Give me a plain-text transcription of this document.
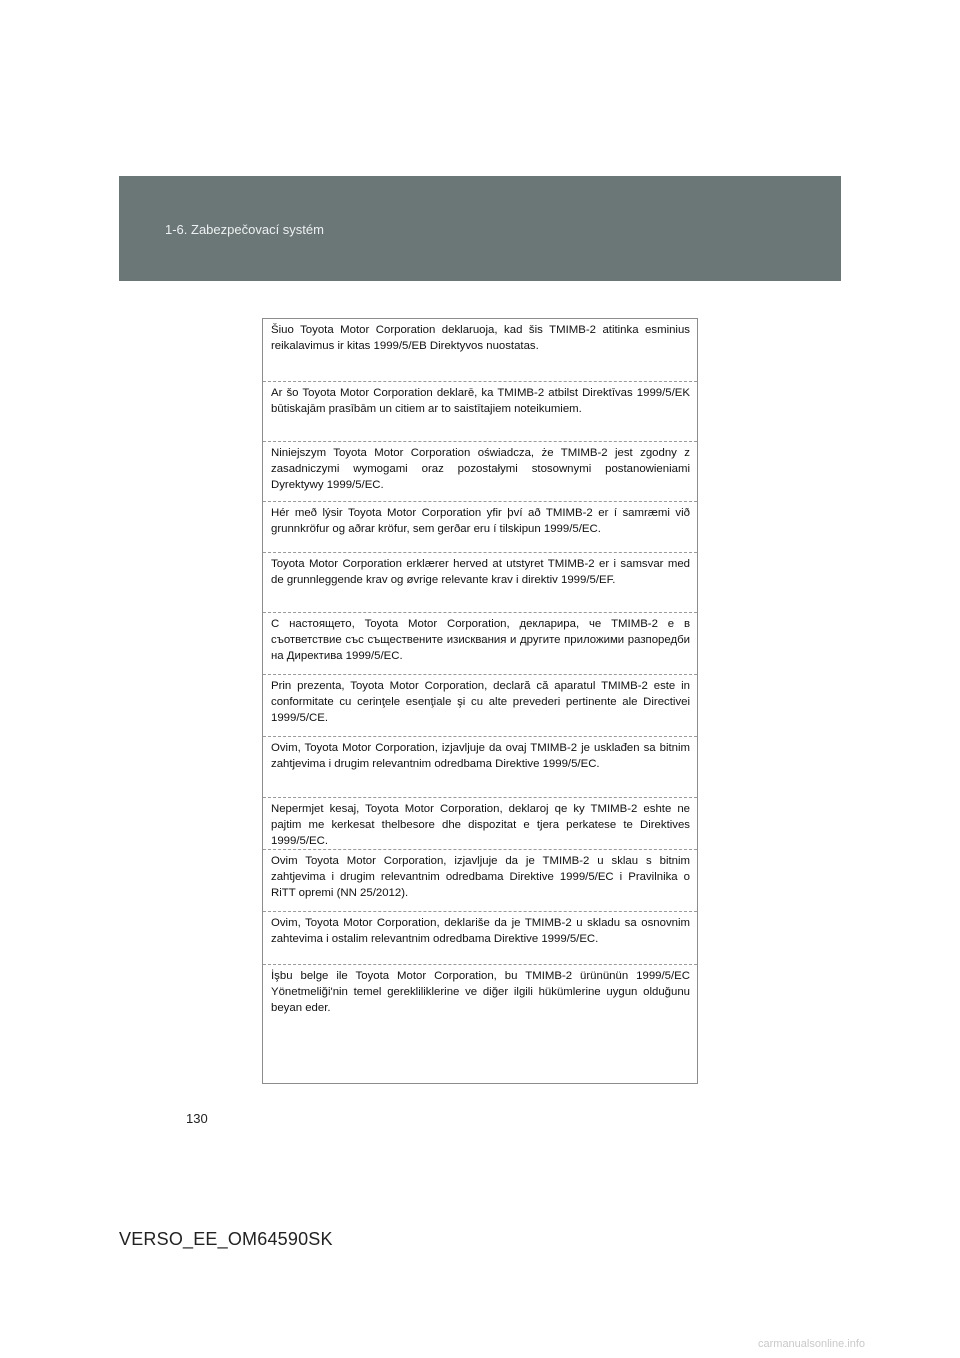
1-6. Zabezpečovací systém

Šiuo Toyota Motor Corporation deklaruoja, kad šis TMIMB-2 atitinka esminius reikalavimus ir kitas 1999/5/EB Direktyvos nuostatas.

Ar šo Toyota Motor Corporation deklarē, ka TMIMB-2 atbilst Direktīvas 1999/5/EK būtiskajām prasībām un citiem ar to saistītajiem noteikumiem.

Niniejszym Toyota Motor Corporation oświadcza, że TMIMB-2 jest zgodny z zasadniczymi wymogami oraz pozostałymi stosownymi postanowieniami Dyrektywy 1999/5/EC.

Hér með lýsir Toyota Motor Corporation yfir því að TMIMB-2 er í samræmi við grunnkröfur og aðrar kröfur, sem gerðar eru í tilskipun 1999/5/EC.

Toyota Motor Corporation erklærer herved at utstyret TMIMB-2 er i samsvar med de grunnleggende krav og øvrige relevante krav i direktiv 1999/5/EF.

С настоящето, Toyota Motor Corporation, декларира, че TMIMB-2 е в съответствие със съществените изисквания и другите приложими разпоредби на Директива 1999/5/EC.

Prin prezenta, Toyota Motor Corporation, declară că aparatul TMIMB-2 este in conformitate cu cerinţele esenţiale şi cu alte prevederi pertinente ale Directivei 1999/5/CE.

Ovim, Toyota Motor Corporation, izjavljuje da ovaj TMIMB-2 je usklađen sa bitnim zahtjevima i drugim relevantnim odredbama Direktive 1999/5/EC.

Nepermjet kesaj, Toyota Motor Corporation, deklaroj qe ky TMIMB-2 eshte ne pajtim me kerkesat thelbesore dhe dispozitat e tjera perkatese te Direktives 1999/5/EC.

Ovim Toyota Motor Corporation, izjavljuje da je TMIMB-2 u sklau s bitnim zahtjevima i drugim relevantnim odredbama Direktive 1999/5/EC i Pravilnika o RiTT opremi (NN 25/2012).

Ovim, Toyota Motor Corporation, deklariše da je TMIMB-2 u skladu sa osnovnim zahtevima i ostalim relevantnim odredbama Direktive 1999/5/EC.

İşbu belge ile Toyota Motor Corporation, bu TMIMB-2 ürününün 1999/5/EC Yönetmeliği'nin temel gerekliliklerine ve diğer ilgili hükümlerine uygun olduğunu beyan eder.

130
VERSO_EE_OM64590SK
carmanualsonline.info
